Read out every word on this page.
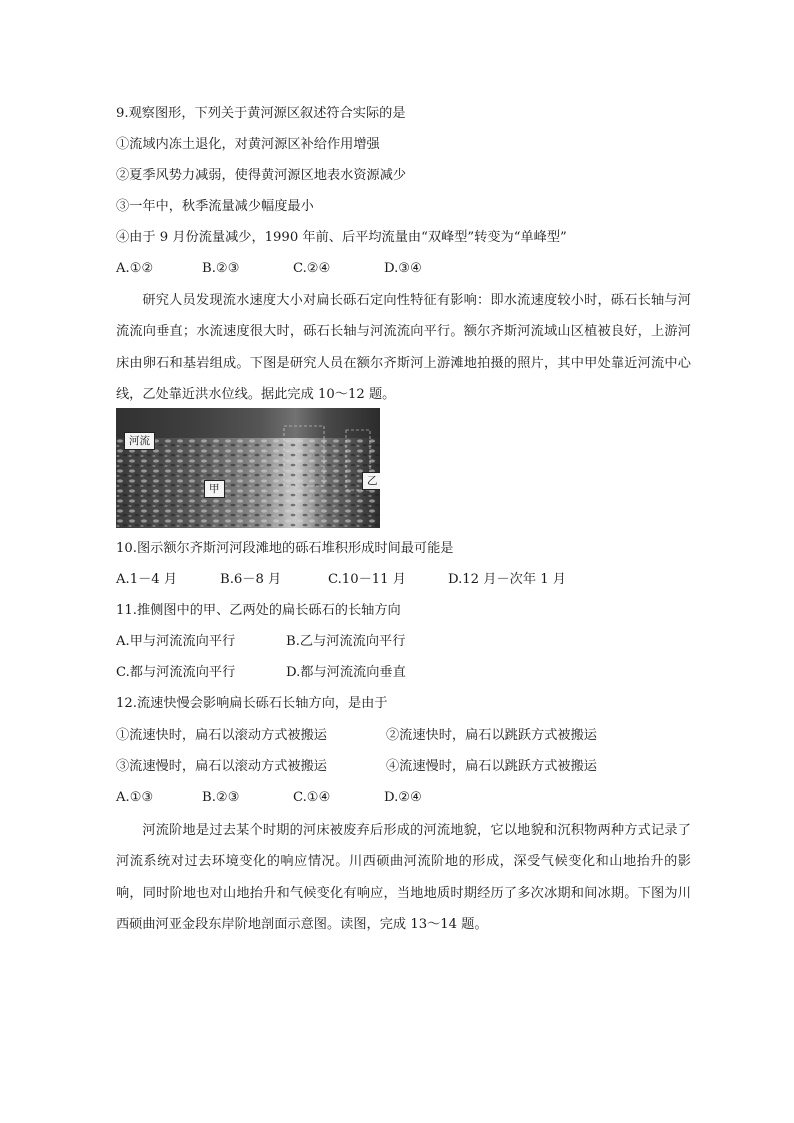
9.观察图形，下列关于黄河源区叙述符合实际的是
①流域内冻土退化，对黄河源区补给作用增强
②夏季风势力减弱，使得黄河源区地表水资源减少
③一年中，秋季流量减少幅度最小
④由于 9 月份流量减少，1990 年前、后平均流量由“双峰型”转变为“单峰型”
A.①②	B.②③	C.②④	D.③④
研究人员发现流水速度大小对扁长砾石定向性特征有影响：即水流速度较小时，砾石长轴与河流流向垂直；水流速度很大时，砾石长轴与河流流向平行。额尔齐斯河流域山区植被良好，上游河床由卵石和基岩组成。下图是研究人员在额尔齐斯河上游滩地拍摄的照片，其中甲处靠近河流中心线，乙处靠近洪水位线。据此完成 10～12 题。
河流
甲
乙
10.图示额尔齐斯河河段滩地的砾石堆积形成时间最可能是
A.1－4 月	B.6－8 月	C.10－11 月	D.12 月－次年 1 月
11.推侧图中的甲、乙两处的扁长砾石的长轴方向
A.甲与河流流向平行	B.乙与河流流向平行
C.都与河流流向平行	D.都与河流流向垂直
12.流速快慢会影响扁长砾石长轴方向，是由于
①流速快时，扁石以滚动方式被搬运	②流速快时，扁石以跳跃方式被搬运
③流速慢时，扁石以滚动方式被搬运	④流速慢时，扁石以跳跃方式被搬运
A.①③	B.②③	C.①④	D.②④
河流阶地是过去某个时期的河床被废弃后形成的河流地貌，它以地貌和沉积物两种方式记录了河流系统对过去环境变化的响应情况。川西硕曲河流阶地的形成，深受气候变化和山地抬升的影响，同时阶地也对山地抬升和气候变化有响应，当地地质时期经历了多次冰期和间冰期。下图为川西硕曲河亚金段东岸阶地剖面示意图。读图，完成 13～14 题。
